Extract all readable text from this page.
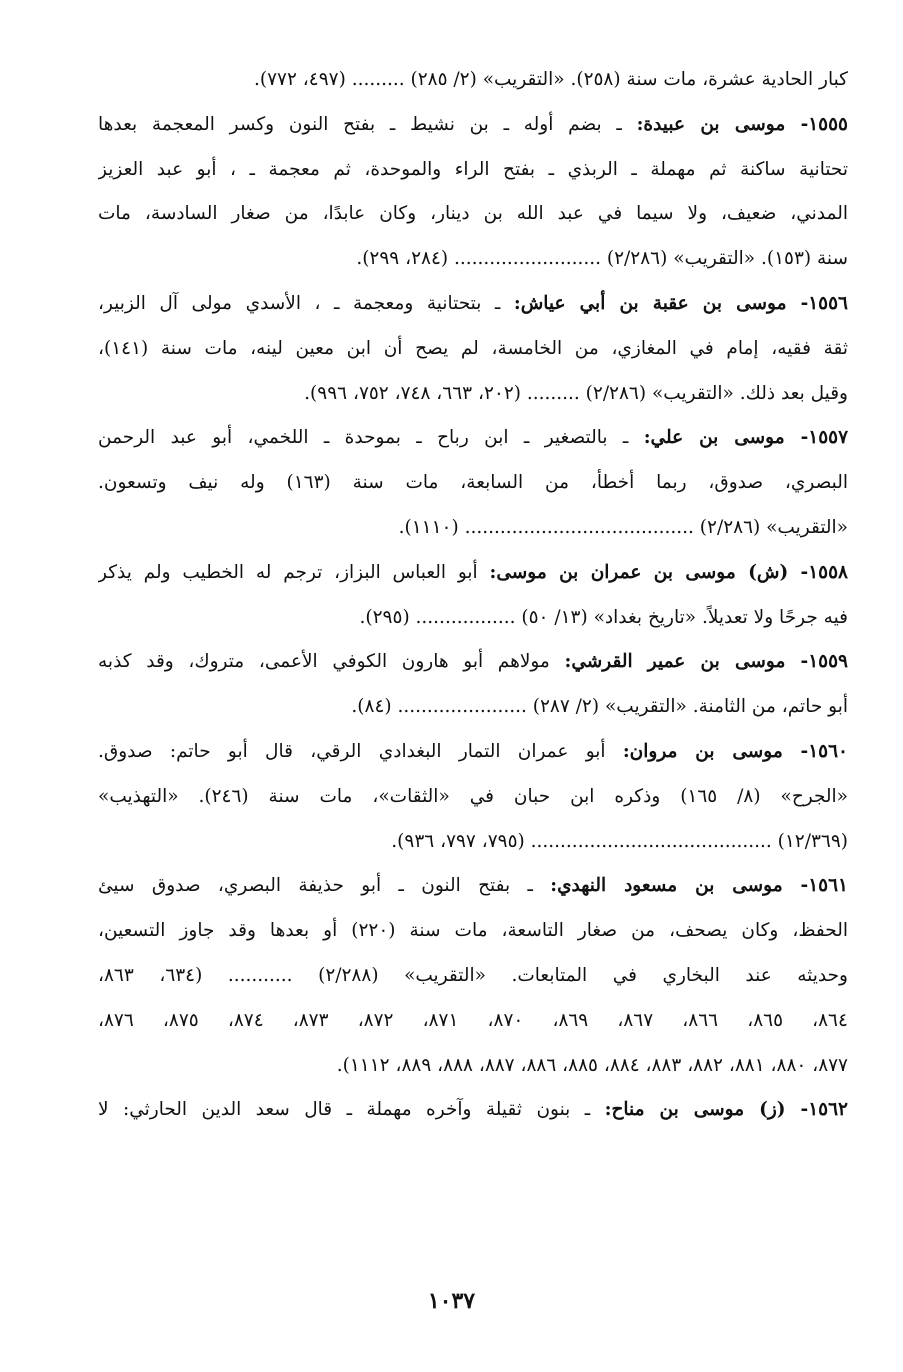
كبار الحادية عشرة، مات سنة (٢٥٨). «التقريب» (٢/ ٢٨٥) ......... (٤٩٧، ٧٧٢).
١٥٥٥- موسى بن عبيدة: ـ بضم أوله ـ بن نشيط ـ بفتح النون وكسر المعجمة بعدها
تحتانية ساكنة ثم مهملة ـ الربذي ـ بفتح الراء والموحدة، ثم معجمة ـ ، أبو عبد العزيز
المدني، ضعيف، ولا سيما في عبد الله بن دينار، وكان عابدًا، من صغار السادسة، مات
سنة (١٥٣). «التقريب» (٢/٢٨٦) ......................... (٢٨٤، ٢٩٩).
١٥٥٦- موسى بن عقبة بن أبي عياش: ـ بتحتانية ومعجمة ـ ، الأسدي مولى آل الزبير،
ثقة فقيه، إمام في المغازي، من الخامسة، لم يصح أن ابن معين لينه، مات سنة (١٤١)،
وقيل بعد ذلك. «التقريب» (٢/٢٨٦) ......... (٢٠٢، ٦٦٣، ٧٤٨، ٧٥٢، ٩٩٦).
١٥٥٧- موسى بن علي: ـ بالتصغير ـ ابن رباح ـ بموحدة ـ اللخمي، أبو عبد الرحمن
البصري، صدوق، ربما أخطأ، من السابعة، مات سنة (١٦٣) وله نيف وتسعون.
«التقريب» (٢/٢٨٦) ....................................... (١١١٠).
١٥٥٨- (ش) موسى بن عمران بن موسى: أبو العباس البزاز، ترجم له الخطيب ولم يذكر
فيه جرحًا ولا تعديلاً. «تاريخ بغداد» (١٣/ ٥٠) ................. (٢٩٥).
١٥٥٩- موسى بن عمير القرشي: مولاهم أبو هارون الكوفي الأعمى، متروك، وقد كذبه
أبو حاتم، من الثامنة. «التقريب» (٢/ ٢٨٧) ...................... (٨٤).
١٥٦٠- موسى بن مروان: أبو عمران التمار البغدادي الرقي، قال أبو حاتم: صدوق.
«الجرح» (٨/ ١٦٥) وذكره ابن حبان في «الثقات»، مات سنة (٢٤٦). «التهذيب»
(١٢/٣٦٩) ......................................... (٧٩٥، ٧٩٧، ٩٣٦).
١٥٦١- موسى بن مسعود النهدي: ـ بفتح النون ـ أبو حذيفة البصري، صدوق سيئ
الحفظ، وكان يصحف، من صغار التاسعة، مات سنة (٢٢٠) أو بعدها وقد جاوز التسعين،
وحديثه عند البخاري في المتابعات. «التقريب» (٢/٢٨٨) ........... (٦٣٤، ٨٦٣،
٨٦٤، ٨٦٥، ٨٦٦، ٨٦٧، ٨٦٩، ٨٧٠، ٨٧١، ٨٧٢، ٨٧٣، ٨٧٤، ٨٧٥، ٨٧٦،
٨٧٧، ٨٨٠، ٨٨١، ٨٨٢، ٨٨٣، ٨٨٤، ٨٨٥، ٨٨٦، ٨٨٧، ٨٨٨، ٨٨٩، ١١١٢).
١٥٦٢- (ز) موسى بن مناح: ـ بنون ثقيلة وآخره مهملة ـ قال سعد الدين الحارثي: لا
١٠٣٧
